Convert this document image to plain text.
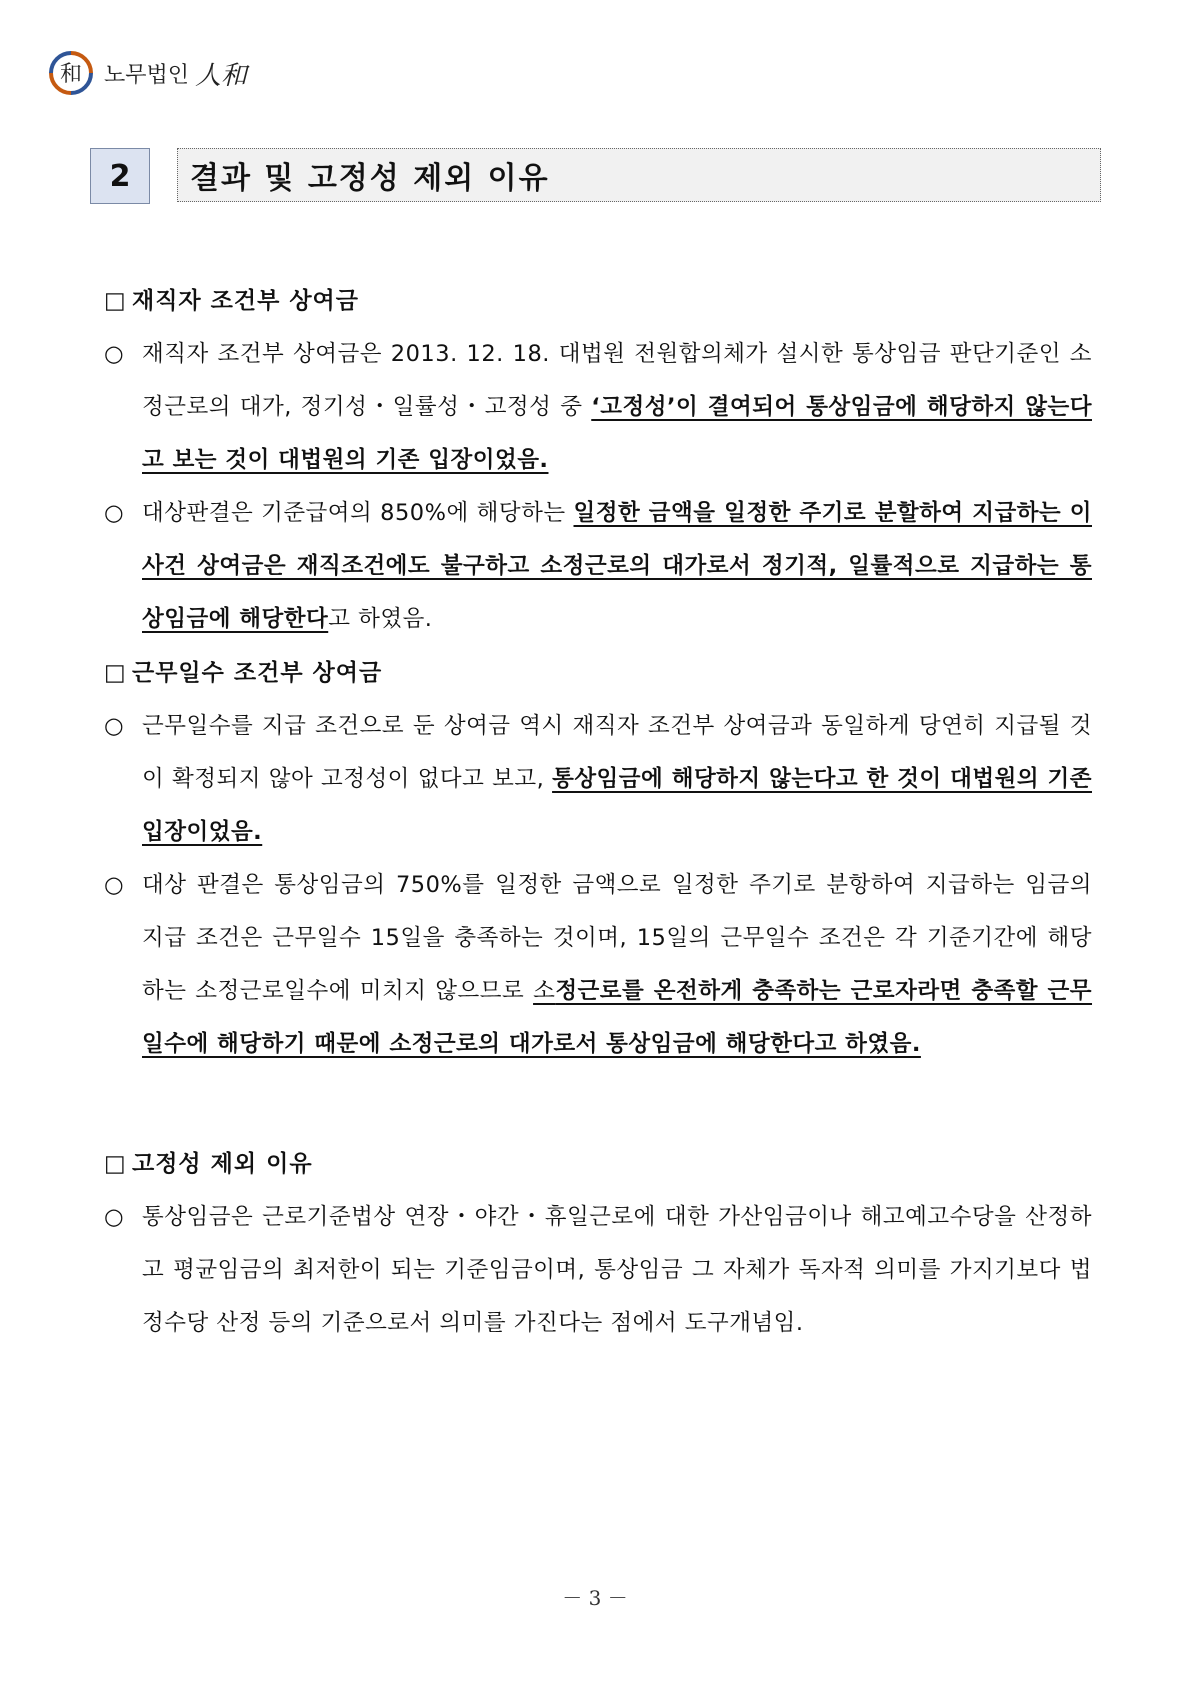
和 노무법인 人和
2	결과 및 고정성 제외 이유
□ 재직자 조건부 상여금
○ 재직자 조건부 상여금은 2013. 12. 18. 대법원 전원합의체가 설시한 통상임금 판단기준인 소정근로의 대가, 정기성・일률성・고정성 중 ‘고정성’이 결여되어 통상임금에 해당하지 않는다고 보는 것이 대법원의 기존 입장이었음.
○ 대상판결은 기준급여의 850%에 해당하는 일정한 금액을 일정한 주기로 분할하여 지급하는 이 사건 상여금은 재직조건에도 불구하고 소정근로의 대가로서 정기적, 일률적으로 지급하는 통상임금에 해당한다고 하였음.
□ 근무일수 조건부 상여금
○ 근무일수를 지급 조건으로 둔 상여금 역시 재직자 조건부 상여금과 동일하게 당연히 지급될 것이 확정되지 않아 고정성이 없다고 보고, 통상임금에 해당하지 않는다고 한 것이 대법원의 기존 입장이었음.
○ 대상 판결은 통상임금의 750%를 일정한 금액으로 일정한 주기로 분항하여 지급하는 임금의 지급 조건은 근무일수 15일을 충족하는 것이며, 15일의 근무일수 조건은 각 기준기간에 해당하는 소정근로일수에 미치지 않으므로 소정근로를 온전하게 충족하는 근로자라면 충족할 근무일수에 해당하기 때문에 소정근로의 대가로서 통상임금에 해당한다고 하였음.
□ 고정성 제외 이유
○ 통상임금은 근로기준법상 연장・야간・휴일근로에 대한 가산임금이나 해고예고수당을 산정하고 평균임금의 최저한이 되는 기준임금이며, 통상임금 그 자체가 독자적 의미를 가지기보다 법정수당 산정 등의 기준으로서 의미를 가진다는 점에서 도구개념임.
－ 3 －
